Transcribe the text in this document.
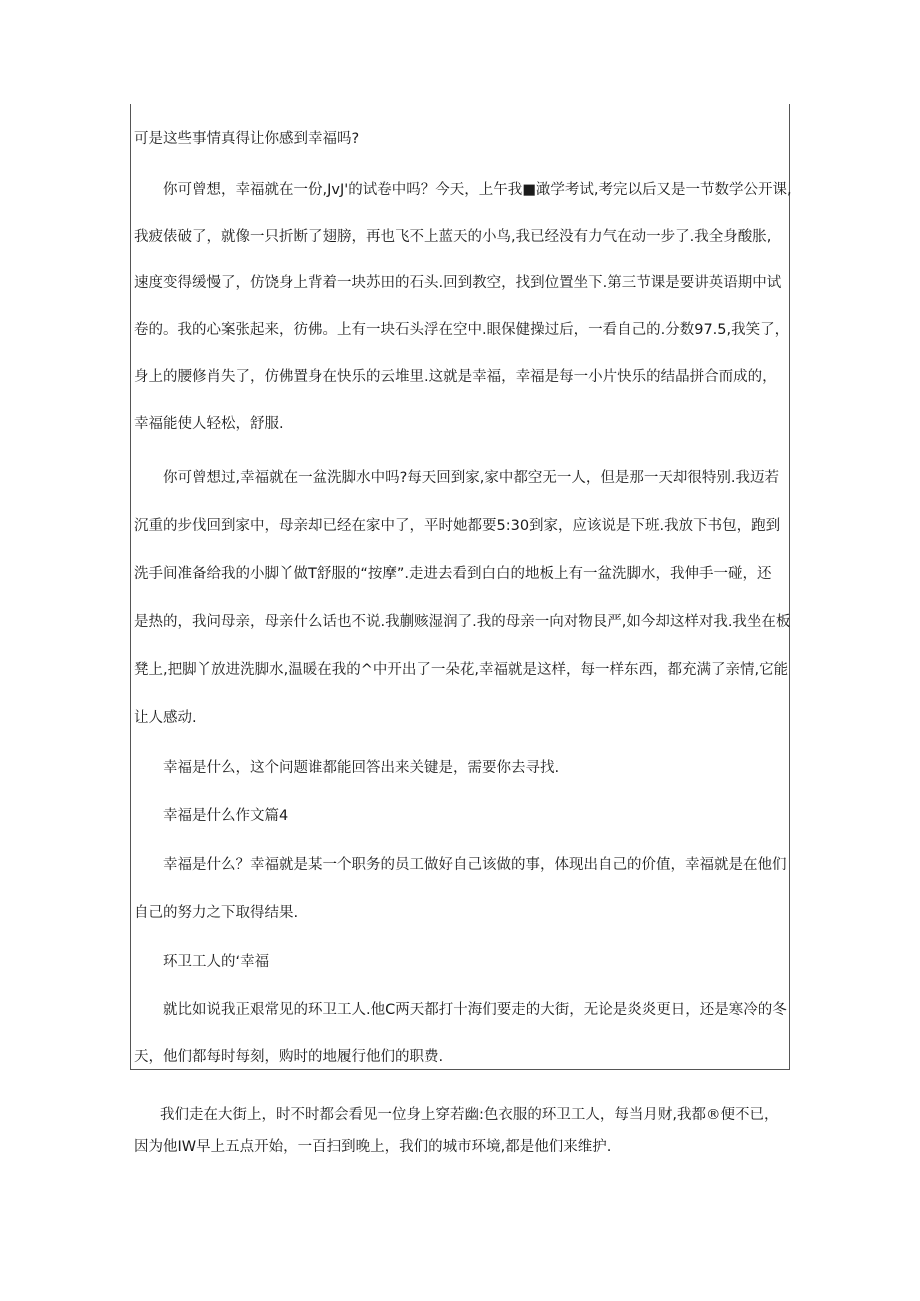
可是这些事情真得让你感到幸福吗?
你可曾想，幸福就在一份,JvJ'的试卷中吗？今天，上午我■澉学考试,考完以后又是一节数学公开课,
我疲俵破了，就像一只折断了翅膀，再也飞不上蓝天的小鸟,我已经没有力气在动一步了.我全身酸胀,
速度变得缓慢了，仿饶身上背着一块苏田的石头.回到教空，找到位置坐下.第三节课是要讲英语期中试
卷的。我的心案张起来，彷佛。上有一块石头浮在空中.眼保健操过后，一看自己的.分数97.5,我笑了，
身上的腰修肖失了，仿佛置身在快乐的云堆里.这就是幸福，幸福是每一小片快乐的结晶拼合而成的，
幸福能使人轻松，舒服.
你可曾想过,幸福就在一盆洗脚水中吗?每天回到家,家中都空无一人，但是那一天却很特别.我迈若
沉重的步伐回到家中，母亲却已经在家中了，平时她都要5:30到家，应该说是下班.我放下书包，跑到
洗手间准备给我的小脚丫做T舒服的“按摩”.走进去看到白白的地板上有一盆洗脚水，我伸手一碰，还
是热的，我问母亲，母亲什么话也不说.我蒯赅湿润了.我的母亲一向对物艮严,如今却这样对我.我坐在板
凳上,把脚丫放进洗脚水,温暖在我的^中开出了一朵花,幸福就是这样，每一样东西，都充满了亲情,它能
让人感动.
幸福是什么，这个问题谁都能回答出来关键是，需要你去寻找.
幸福是什么作文篇4
幸福是什么？幸福就是某一个职务的员工做好自己该做的事，体现出自己的价值，幸福就是在他们
自己的努力之下取得结果.
环卫工人的‘幸福
就比如说我正艰常见的环卫工人.他C两天都打十海们要走的大街，无论是炎炎更日，还是寒冷的冬
天，他们都每时每刻，购时的地履行他们的职费.
我们走在大街上，时不时都会看见一位身上穿若幽:色衣服的环卫工人，每当月财,我都®便不已，
因为他IW早上五点开始，一百扫到晚上，我们的城市环境,都是他们来维护.
